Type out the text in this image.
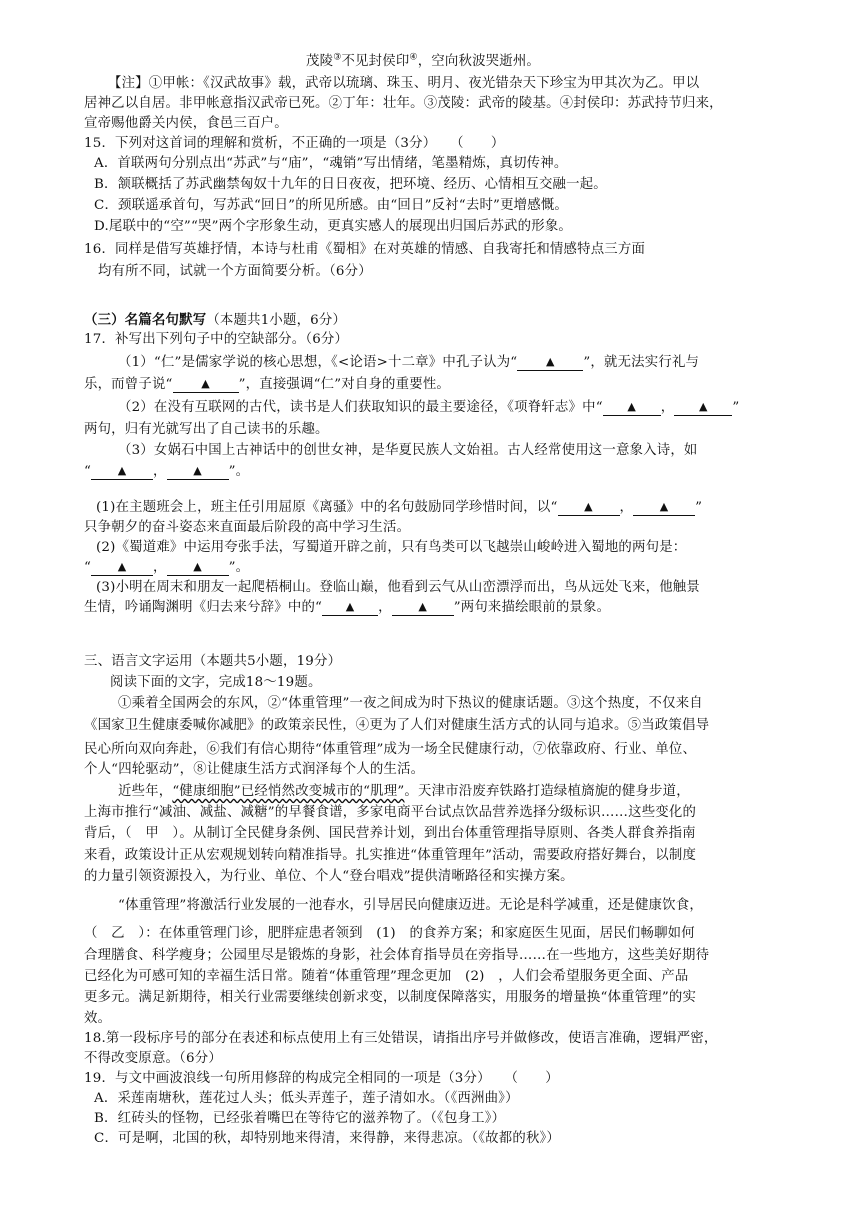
茂陵③不见封侯印④，空向秋波哭逝州。
【注】①甲帐：《汉武故事》载，武帝以琉璃、珠玉、明月、夜光错杂天下珍宝为甲其次为乙。甲以
居神乙以自居。非甲帐意指汉武帝已死。②丁年：壮年。③茂陵：武帝的陵基。④封侯印：苏武持节归来，
宣帝赐他爵关内侯，食邑三百户。
15．下列对这首词的理解和赏析，不正确的一项是（3分）　　（　　）
A．首联两句分别点出“苏武”与“庙”，“魂销”写出情绪，笔墨精炼，真切传神。
B．颔联概括了苏武幽禁匈奴十九年的日日夜夜，把环境、经历、心情相互交融一起。
C．颈联遥承首句，写苏武“回日”的所见所感。由“回日”反衬“去时”更增感慨。
D.尾联中的“空”“哭”两个字形象生动，更真实感人的展现出归国后苏武的形象。
16．同样是借写英雄抒情，本诗与杜甫《蜀相》在对英雄的情感、自我寄托和情感特点三方面
均有所不同，试就一个方面简要分析。（6分）
（三）名篇名句默写（本题共1小题，6分）
17．补写出下列句子中的空缺部分。（6分）
（1）“仁”是儒家学说的核心思想，《<论语>十二章》中孔子认为“	▲ ”，就无法实行礼与
乐，而曾子说“	▲ ”，直接强调“仁”对自身的重要性。
（2）在没有互联网的古代，读书是人们获取知识的最主要途径，《项脊轩志》中“ ▲ ， ▲ ”
两句，归有光就写出了自己读书的乐趣。
（3）女娲石中国上古神话中的创世女神，是华夏民族人文始祖。古人经常使用这一意象入诗，如
“ ▲ ， ▲ ”。
(1)在主题班会上，班主任引用屈原《离骚》中的名句鼓励同学珍惜时间，以“ ▲ ， ▲ ”
只争朝夕的奋斗姿态来直面最后阶段的高中学习生活。
(2)《蜀道难》中运用夸张手法，写蜀道开辟之前，只有鸟类可以飞越崇山峻岭进入蜀地的两句是：
“ ▲ ， ▲ ”。
(3)小明在周末和朋友一起爬梧桐山。登临山巅，他看到云气从山峦漂浮而出，鸟从远处飞来，他触景
生情，吟诵陶渊明《归去来兮辞》中的“ ▲ ， ▲ ”两句来描绘眼前的景象。
三、语言文字运用（本题共5小题，19分）
阅读下面的文字，完成18～19题。
①乘着全国两会的东风，②“体重管理”一夜之间成为时下热议的健康话题。③这个热度，不仅来自
《国家卫生健康委喊你减肥》的政策亲民性，④更为了人们对健康生活方式的认同与追求。⑤当政策倡导
民心所向双向奔赴，⑥我们有信心期待“体重管理”成为一场全民健康行动，⑦依靠政府、行业、单位、
个人“四轮驱动”，⑧让健康生活方式润泽每个人的生活。
近些年，“健康细胞”已经悄然改变城市的“肌理”。天津市沿废弃铁路打造绿植旖旎的健身步道，
上海市推行“减油、减盐、减糖”的早餐食谱，多家电商平台试点饮品营养选择分级标识……这些变化的
背后，（　甲　）。从制订全民健身条例、国民营养计划，到出台体重管理指导原则、各类人群食养指南
来看，政策设计正从宏观规划转向精准指导。扎实推进“体重管理年”活动，需要政府搭好舞台，以制度
的力量引领资源投入，为行业、单位、个人“登台唱戏”提供清晰路径和实操方案。
“体重管理”将激活行业发展的一池春水，引导居民向健康迈进。无论是科学减重，还是健康饮食，
（　乙　）：在体重管理门诊，肥胖症患者领到　(1)　的食养方案；和家庭医生见面，居民们畅聊如何
合理膳食、科学瘦身；公园里尽是锻炼的身影，社会体育指导员在旁指导……在一些地方，这些美好期待
已经化为可感可知的幸福生活日常。随着“体重管理”理念更加　(2)　，人们会希望服务更全面、产品
更多元。满足新期待，相关行业需要继续创新求变，以制度保障落实，用服务的增量换“体重管理”的实
效。
18.第一段标序号的部分在表述和标点使用上有三处错误，请指出序号并做修改，使语言准确，逻辑严密，
不得改变原意。（6分）
19．与文中画波浪线一句所用修辞的构成完全相同的一项是（3分）　　（　　）
A．采莲南塘秋，莲花过人头；低头弄莲子，莲子清如水。（《西洲曲》）
B．红砖头的怪物，已经张着嘴巴在等待它的滋养物了。（《包身工》）
C．可是啊，北国的秋，却特别地来得清，来得静，来得悲凉。（《故都的秋》）
